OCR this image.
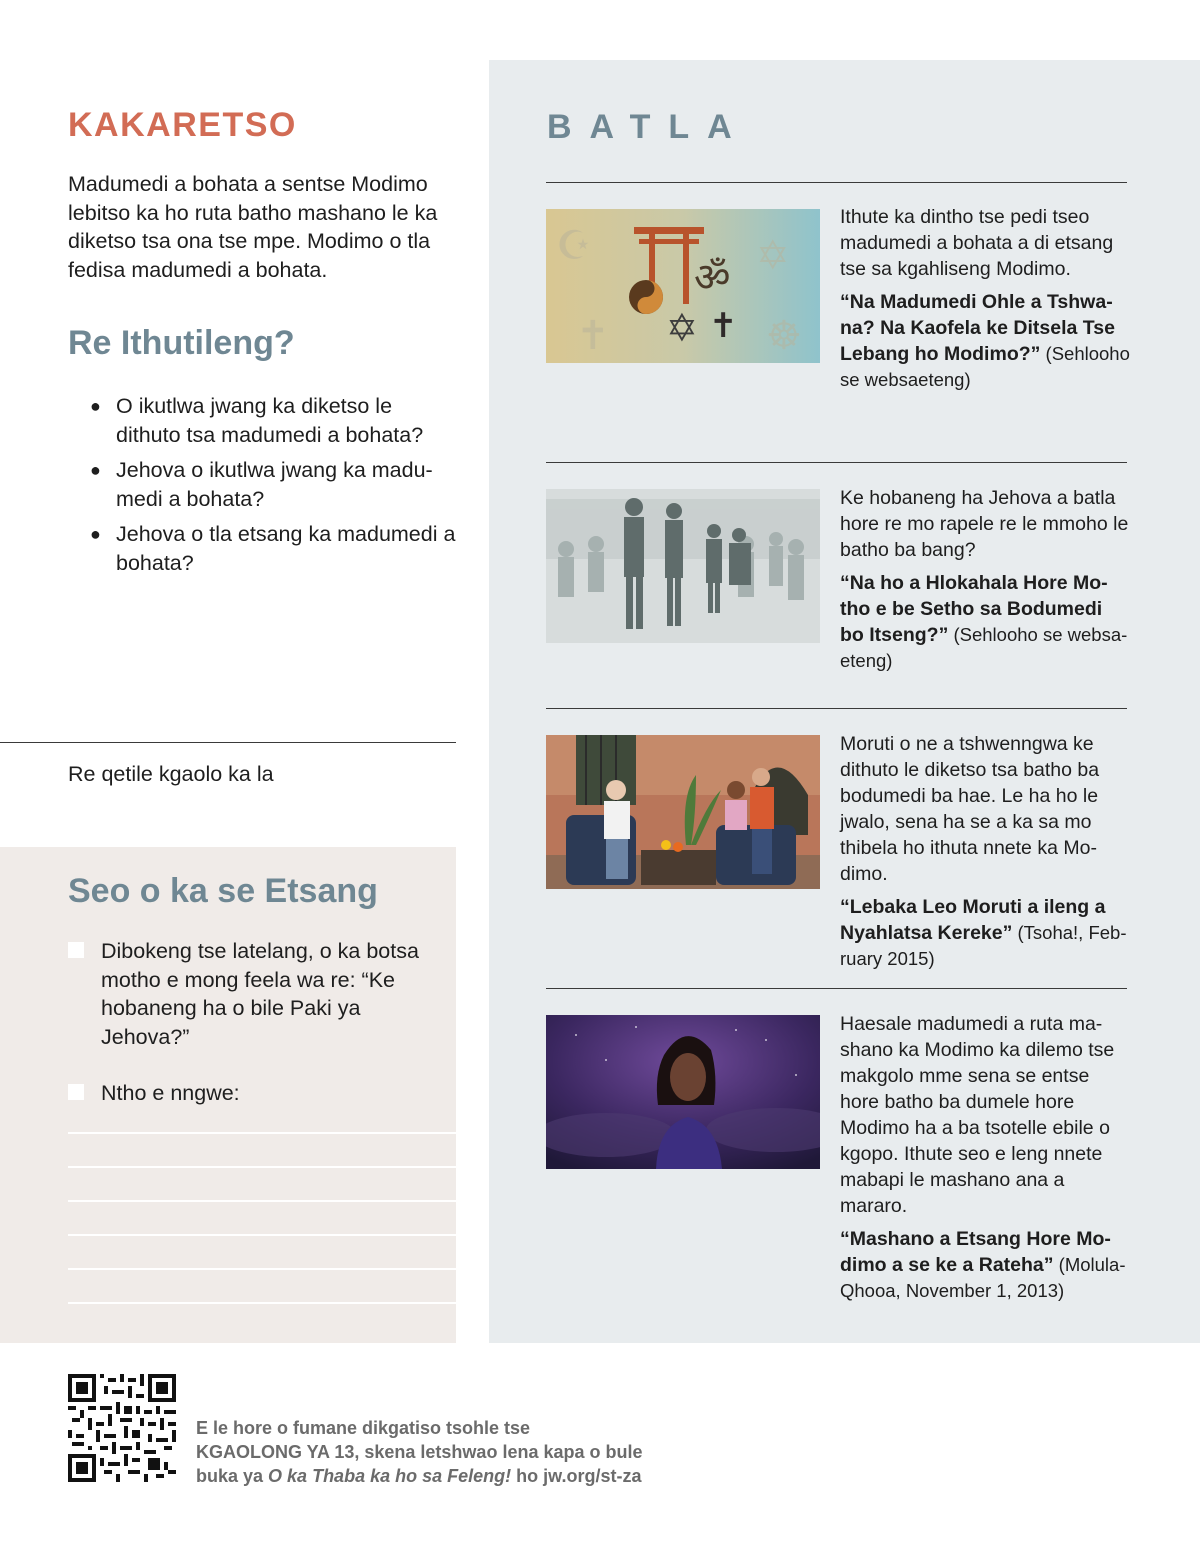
KAKARETSO
Madumedi a bohata a sentse Modimo lebitso ka ho ruta batho mashano le ka diketso tsa ona tse mpe. Modimo o tla fedisa madumedi a bohata.
Re Ithutileng?
● O ikutlwa jwang ka diketso le dithuto tsa madumedi a bohata?
● Jehova o ikutlwa jwang ka madumedi a bohata?
● Jehova o tla etsang ka madumedi a bohata?
Re qetile kgaolo ka la
Seo o ka se Etsang
Dibokeng tse latelang, o ka botsa motho e mong feela wa re: “Ke hobaneng ha o bile Paki ya Jehova?”
Ntho e nngwe:
BATLA
☪	✡
✝	☸
ॐ
✡ ✝
Ithute ka dintho tse pedi tseo madumedi a bohata a di etsang tse sa kgahliseng Modimo.
“Na Madumedi Ohle a Tshwana? Na Kaofela ke Ditsela Tse Lebang ho Modimo?” (Sehlooho se websaeteng)
Ke hobaneng ha Jehova a batla hore re mo rapele re le mmoho le batho ba bang?
“Na ho a Hlokahala Hore Motho e be Setho sa Bodumedi bo Itseng?” (Sehlooho se websaeteng)
Moruti o ne a tshwenngwa ke dithuto le diketso tsa batho ba bodumedi ba hae. Le ha ho le jwalo, sena ha se a ka sa mo thibela ho ithuta nnete ka Modimo.
“Lebaka Leo Moruti a ileng a Nyahlatsa Kereke” (Tsoha!, February 2015)
Haesale madumedi a ruta mashano ka Modimo ka dilemo tse makgolo mme sena se entse hore batho ba dumele hore Modimo ha a ba tsotelle ebile o kgopo. Ithute seo e leng nnete mabapi le mashano ana a mararo.
“Mashano a Etsang Hore Modimo a se ke a Rateha” (Molula-Qhooa, November 1, 2013)
E le hore o fumane dikgatiso tsohle tse
KGAOLONG YA 13, skena letshwao lena kapa o bule
buka ya O ka Thaba ka ho sa Feleng! ho jw.org/st-za
